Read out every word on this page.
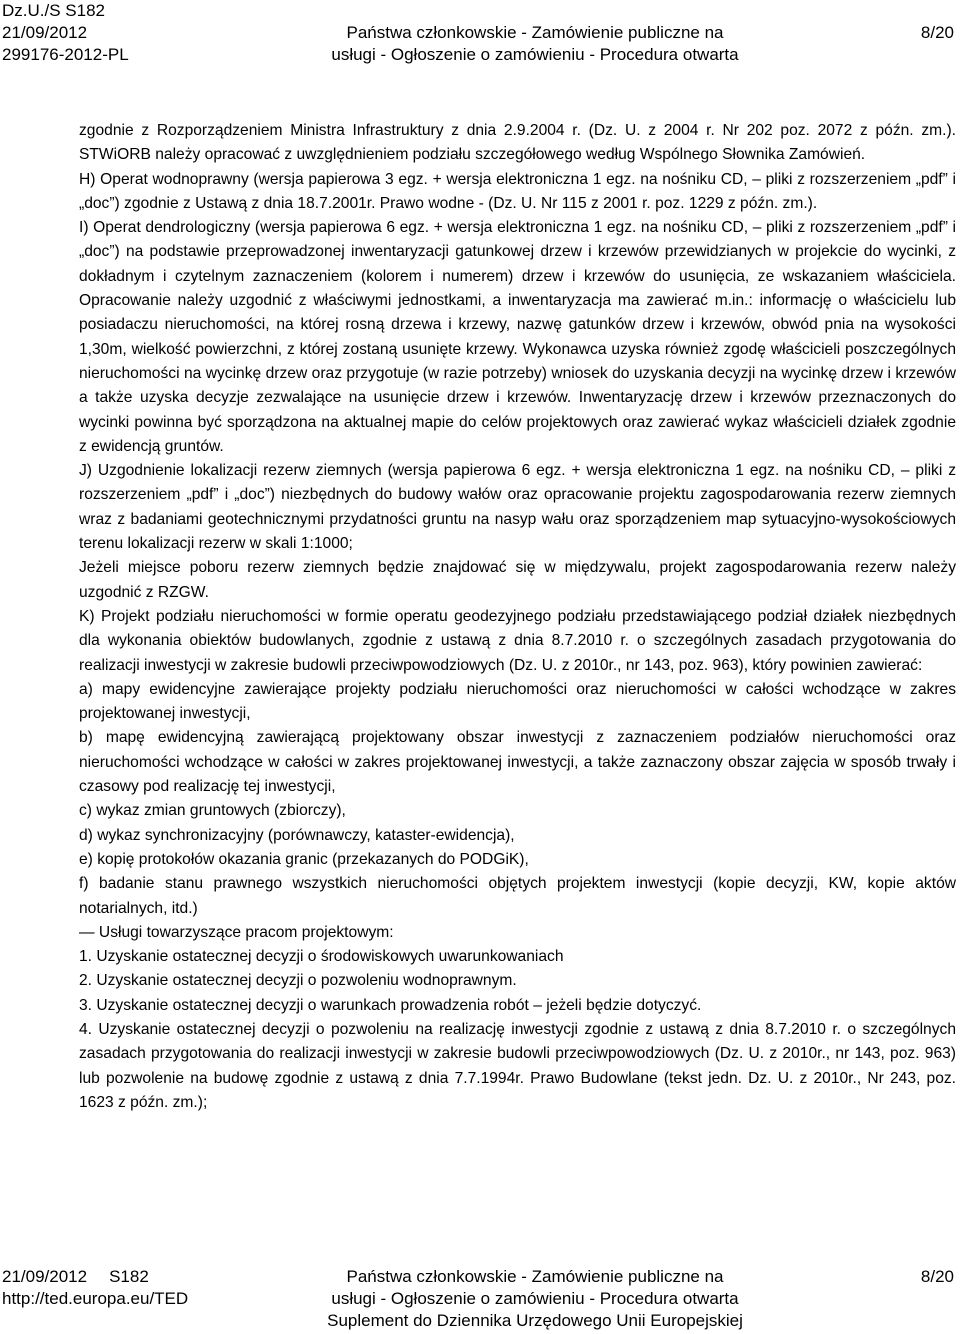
Dz.U./S S182
21/09/2012
299176-2012-PL
Państwa członkowskie - Zamówienie publiczne na
usługi - Ogłoszenie o zamówieniu - Procedura otwarta
8/20

zgodnie z Rozporządzeniem Ministra Infrastruktury z dnia 2.9.2004 r. (Dz. U. z 2004 r. Nr 202 poz. 2072 z późn. zm.). STWiORB należy opracować z uwzględnieniem podziału szczegółowego według Wspólnego Słownika Zamówień.

H) Operat wodnoprawny (wersja papierowa 3 egz. + wersja elektroniczna 1 egz. na nośniku CD, – pliki z rozszerzeniem „pdf” i „doc”) zgodnie z Ustawą z dnia 18.7.2001r. Prawo wodne - (Dz. U. Nr 115 z 2001 r. poz. 1229 z późn. zm.).

I) Operat dendrologiczny (wersja papierowa 6 egz. + wersja elektroniczna 1 egz. na nośniku CD, – pliki z rozszerzeniem „pdf” i „doc”) na podstawie przeprowadzonej inwentaryzacji gatunkowej drzew i krzewów przewidzianych w projekcie do wycinki, z dokładnym i czytelnym zaznaczeniem (kolorem i numerem) drzew i krzewów do usunięcia, ze wskazaniem właściciela. Opracowanie należy uzgodnić z właściwymi jednostkami, a inwentaryzacja ma zawierać m.in.: informację o właścicielu lub posiadaczu nieruchomości, na której rosną drzewa i krzewy, nazwę gatunków drzew i krzewów, obwód pnia na wysokości 1,30m, wielkość powierzchni, z której zostaną usunięte krzewy. Wykonawca uzyska również zgodę właścicieli poszczególnych nieruchomości na wycinkę drzew oraz przygotuje (w razie potrzeby) wniosek do uzyskania decyzji na wycinkę drzew i krzewów a także uzyska decyzje zezwalające na usunięcie drzew i krzewów. Inwentaryzację drzew i krzewów przeznaczonych do wycinki powinna być sporządzona na aktualnej mapie do celów projektowych oraz zawierać wykaz właścicieli działek zgodnie z ewidencją gruntów.

J) Uzgodnienie lokalizacji rezerw ziemnych (wersja papierowa 6 egz. + wersja elektroniczna 1 egz. na nośniku CD, – pliki z rozszerzeniem „pdf” i „doc”) niezbędnych do budowy wałów oraz opracowanie projektu zagospodarowania rezerw ziemnych wraz z badaniami geotechnicznymi przydatności gruntu na nasyp wału oraz sporządzeniem map sytuacyjno-wysokościowych terenu lokalizacji rezerw w skali 1:1000;

Jeżeli miejsce poboru rezerw ziemnych będzie znajdować się w międzywalu, projekt zagospodarowania rezerw należy uzgodnić z RZGW.

K) Projekt podziału nieruchomości w formie operatu geodezyjnego podziału przedstawiającego podział działek niezbędnych dla wykonania obiektów budowlanych, zgodnie z ustawą z dnia 8.7.2010 r. o szczególnych zasadach przygotowania do realizacji inwestycji w zakresie budowli przeciwpowodziowych (Dz. U. z 2010r., nr 143, poz. 963), który powinien zawierać:

a) mapy ewidencyjne zawierające projekty podziału nieruchomości oraz nieruchomości w całości wchodzące w zakres projektowanej inwestycji,

b) mapę ewidencyjną zawierającą projektowany obszar inwestycji z zaznaczeniem podziałów nieruchomości oraz nieruchomości wchodzące w całości w zakres projektowanej inwestycji, a także zaznaczony obszar zajęcia w sposób trwały i czasowy pod realizację tej inwestycji,

c) wykaz zmian gruntowych (zbiorczy),

d) wykaz synchronizacyjny (porównawczy, kataster-ewidencja),

e) kopię protokołów okazania granic (przekazanych do PODGiK),

f) badanie stanu prawnego wszystkich nieruchomości objętych projektem inwestycji (kopie decyzji, KW, kopie aktów notarialnych, itd.)

— Usługi towarzyszące pracom projektowym:

1. Uzyskanie ostatecznej decyzji o środowiskowych uwarunkowaniach

2. Uzyskanie ostatecznej decyzji o pozwoleniu wodnoprawnym.

3. Uzyskanie ostatecznej decyzji o warunkach prowadzenia robót – jeżeli będzie dotyczyć.

4. Uzyskanie ostatecznej decyzji o pozwoleniu na realizację inwestycji zgodnie z ustawą z dnia 8.7.2010 r. o szczególnych zasadach przygotowania do realizacji inwestycji w zakresie budowli przeciwpowodziowych (Dz. U. z 2010r., nr 143, poz. 963) lub pozwolenie na budowę zgodnie z ustawą z dnia 7.7.1994r. Prawo Budowlane (tekst jedn. Dz. U. z 2010r., Nr 243, poz. 1623 z późn. zm.);

21/09/2012 S182
http://ted.europa.eu/TED
Państwa członkowskie - Zamówienie publiczne na
usługi - Ogłoszenie o zamówieniu - Procedura otwarta
Suplement do Dziennika Urzędowego Unii Europejskiej
8/20
